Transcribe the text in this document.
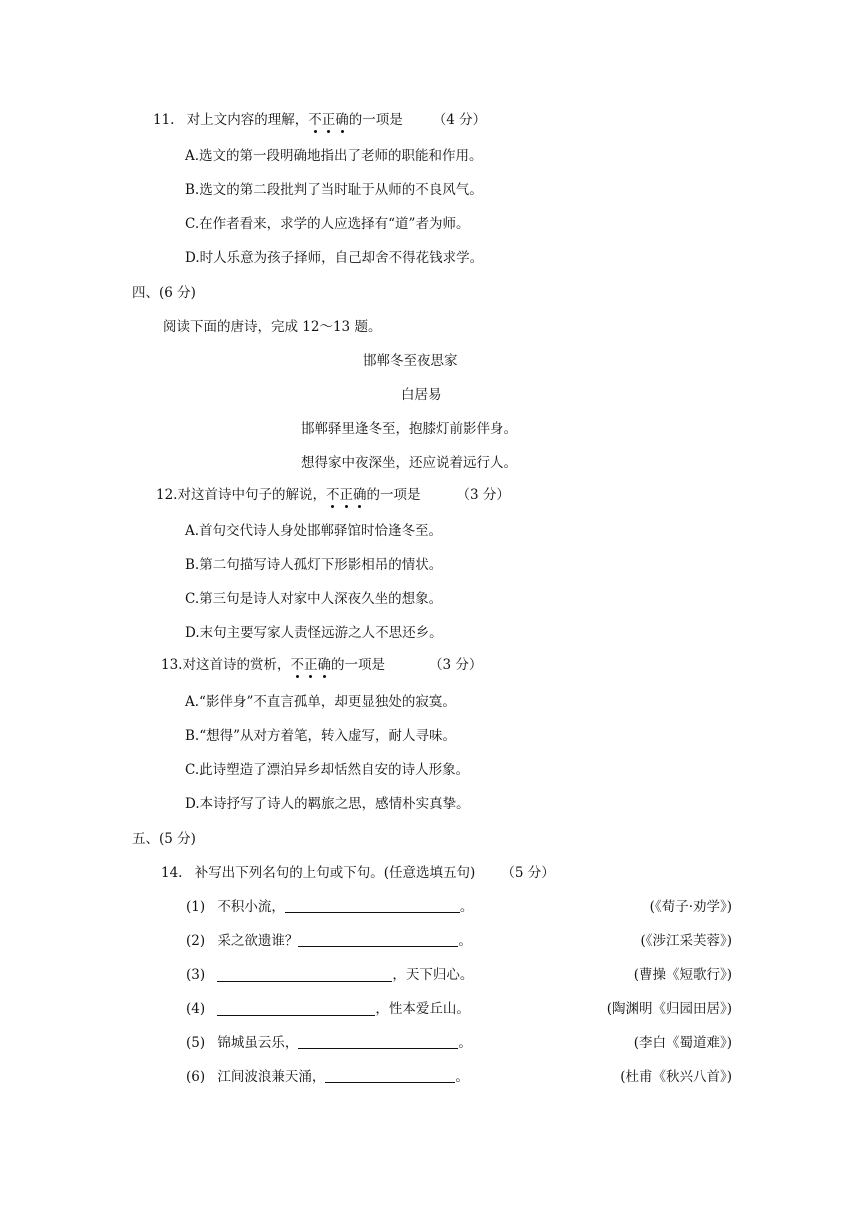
11. 对上文内容的理解，不正确的一项是 （4 分）
A.选文的第一段明确地指出了老师的职能和作用。
B.选文的第二段批判了当时耻于从师的不良风气。
C.在作者看来，求学的人应选择有“道”者为师。
D.时人乐意为孩子择师，自己却舍不得花钱求学。
四、(6 分)
阅读下面的唐诗，完成 12～13 题。
邯郸冬至夜思家
白居易
邯郸驿里逢冬至，抱膝灯前影伴身。
想得家中夜深坐，还应说着远行人。
12.对这首诗中句子的解说，不正确的一项是	（3 分）
A.首句交代诗人身处邯郸驿馆时恰逢冬至。
B.第二句描写诗人孤灯下形影相吊的情状。
C.第三句是诗人对家中人深夜久坐的想象。
D.末句主要写家人责怪远游之人不思还乡。
13.对这首诗的赏析，不正确的一项是	（3 分）
A.“影伴身”不直言孤单，却更显独处的寂寞。
B.“想得”从对方着笔，转入虚写，耐人寻味。
C.此诗塑造了漂泊异乡却恬然自安的诗人形象。
D.本诗抒写了诗人的羁旅之思，感情朴实真挚。
五、(5 分)
14. 补写出下列名句的上句或下句。(任意选填五句) （5 分）
(1) 不积小流，	。	(《荀子·劝学》)
(2) 采之欲遗谁？	。	(《涉江采芙蓉》)
(3)	，天下归心。	(曹操《短歌行》)
(4)	，性本爱丘山。	(陶渊明《归园田居》)
(5) 锦城虽云乐，	。	(李白《蜀道难》)
(6) 江间波浪兼天涌，	。	(杜甫《秋兴八首》)
